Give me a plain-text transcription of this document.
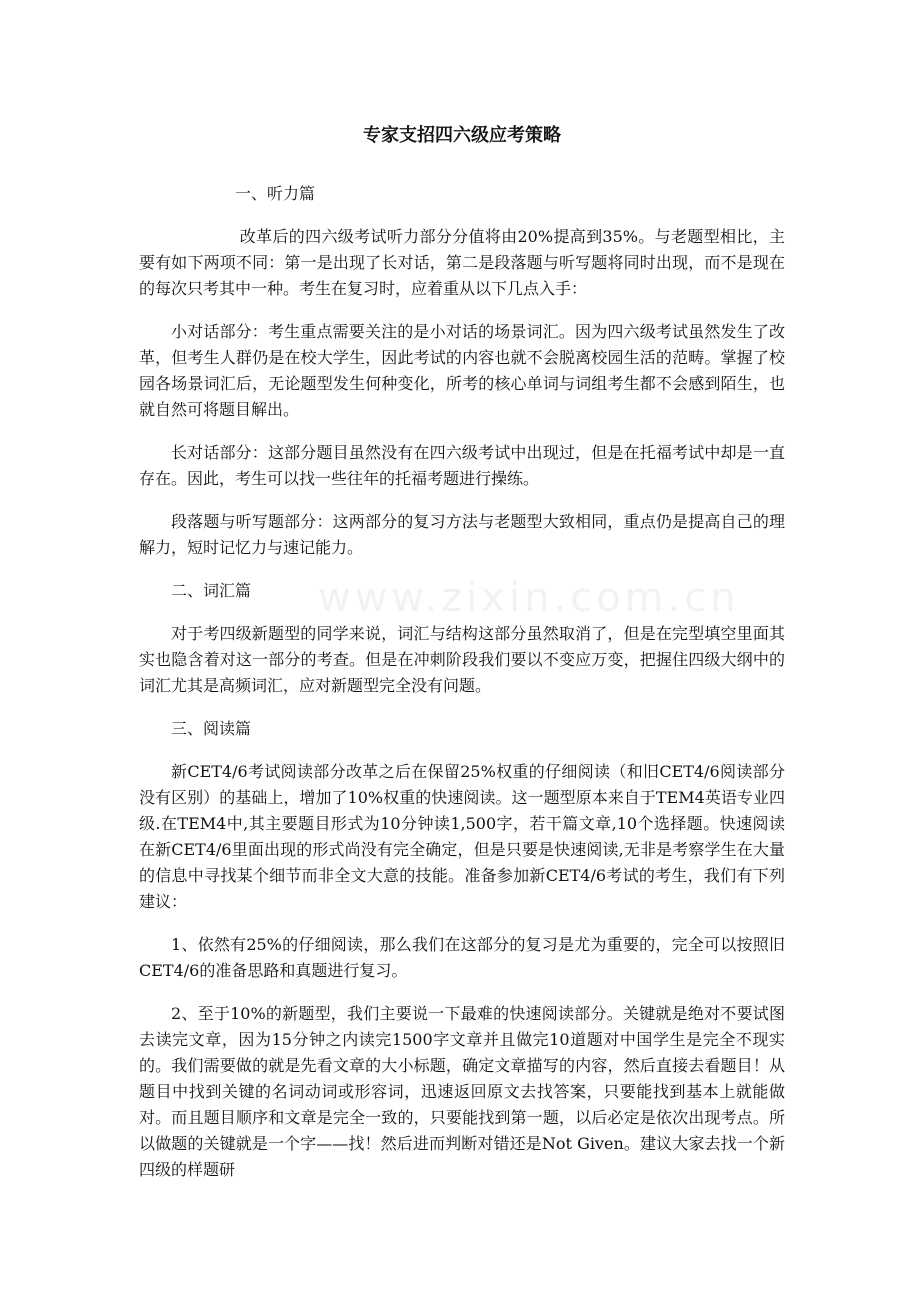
www.zixin.com.cn
专家支招四六级应考策略

一、听力篇

改革后的四六级考试听力部分分值将由20%提高到35%。与老题型相比，主要有如下两项不同：第一是出现了长对话，第二是段落题与听写题将同时出现，而不是现在的每次只考其中一种。考生在复习时，应着重从以下几点入手：

小对话部分：考生重点需要关注的是小对话的场景词汇。因为四六级考试虽然发生了改革，但考生人群仍是在校大学生，因此考试的内容也就不会脱离校园生活的范畴。掌握了校园各场景词汇后，无论题型发生何种变化，所考的核心单词与词组考生都不会感到陌生，也就自然可将题目解出。

长对话部分：这部分题目虽然没有在四六级考试中出现过，但是在托福考试中却是一直存在。因此，考生可以找一些往年的托福考题进行操练。

段落题与听写题部分：这两部分的复习方法与老题型大致相同，重点仍是提高自己的理解力，短时记忆力与速记能力。

二、词汇篇

对于考四级新题型的同学来说，词汇与结构这部分虽然取消了，但是在完型填空里面其实也隐含着对这一部分的考查。但是在冲刺阶段我们要以不变应万变，把握住四级大纲中的词汇尤其是高频词汇，应对新题型完全没有问题。

三、阅读篇

新CET4/6考试阅读部分改革之后在保留25%权重的仔细阅读（和旧CET4/6阅读部分没有区别）的基础上，增加了10%权重的快速阅读。这一题型原本来自于TEM4英语专业四级.在TEM4中,其主要题目形式为10分钟读1,500字，若干篇文章,10个选择题。快速阅读在新CET4/6里面出现的形式尚没有完全确定，但是只要是快速阅读,无非是考察学生在大量的信息中寻找某个细节而非全文大意的技能。准备参加新CET4/6考试的考生，我们有下列建议：

1、依然有25%的仔细阅读，那么我们在这部分的复习是尤为重要的，完全可以按照旧CET4/6的准备思路和真题进行复习。

2、至于10%的新题型，我们主要说一下最难的快速阅读部分。关键就是绝对不要试图去读完文章，因为15分钟之内读完1500字文章并且做完10道题对中国学生是完全不现实的。我们需要做的就是先看文章的大小标题，确定文章描写的内容，然后直接去看题目！从题目中找到关键的名词动词或形容词，迅速返回原文去找答案，只要能找到基本上就能做对。而且题目顺序和文章是完全一致的，只要能找到第一题，以后必定是依次出现考点。所以做题的关键就是一个字——找！然后进而判断对错还是Not Given。建议大家去找一个新四级的样题研
